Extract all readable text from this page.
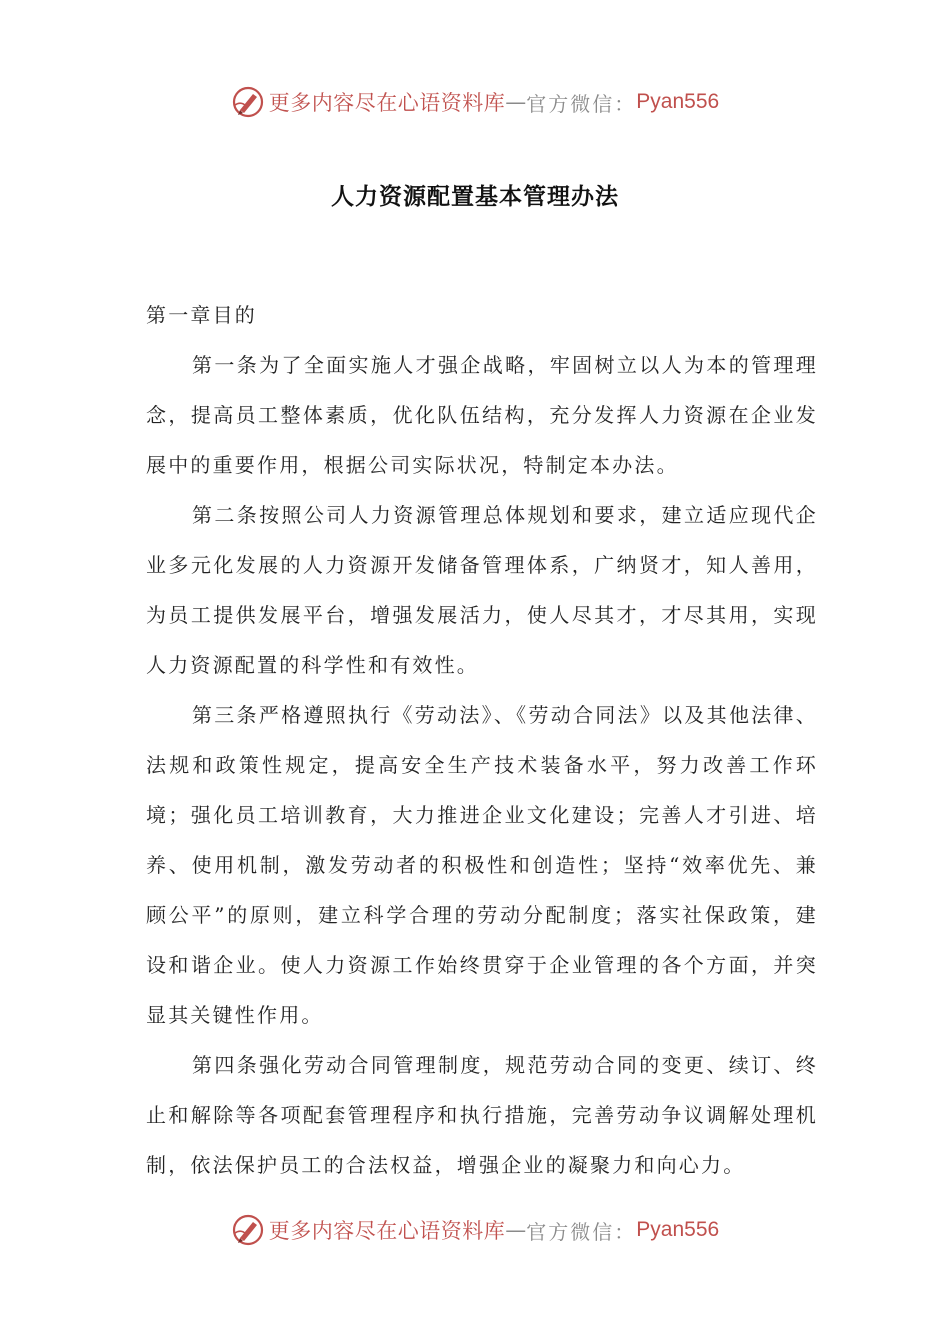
更多内容尽在心语资料库 — 官方微信： Pyan556
人力资源配置基本管理办法

第一章目的

第一条为了全面实施人才强企战略，牢固树立以人为本的管理理念，提高员工整体素质，优化队伍结构，充分发挥人力资源在企业发展中的重要作用，根据公司实际状况，特制定本办法。

第二条按照公司人力资源管理总体规划和要求，建立适应现代企业多元化发展的人力资源开发储备管理体系，广纳贤才，知人善用，为员工提供发展平台，增强发展活力，使人尽其才，才尽其用，实现人力资源配置的科学性和有效性。

第三条严格遵照执行《劳动法》、《劳动合同法》以及其他法律、法规和政策性规定，提高安全生产技术装备水平，努力改善工作环境；强化员工培训教育，大力推进企业文化建设；完善人才引进、培养、使用机制，激发劳动者的积极性和创造性；坚持“效率优先、兼顾公平”的原则，建立科学合理的劳动分配制度；落实社保政策，建设和谐企业。使人力资源工作始终贯穿于企业管理的各个方面，并突显其关键性作用。

第四条强化劳动合同管理制度，规范劳动合同的变更、续订、终止和解除等各项配套管理程序和执行措施，完善劳动争议调解处理机制，依法保护员工的合法权益，增强企业的凝聚力和向心力。

更多内容尽在心语资料库 — 官方微信： Pyan556
